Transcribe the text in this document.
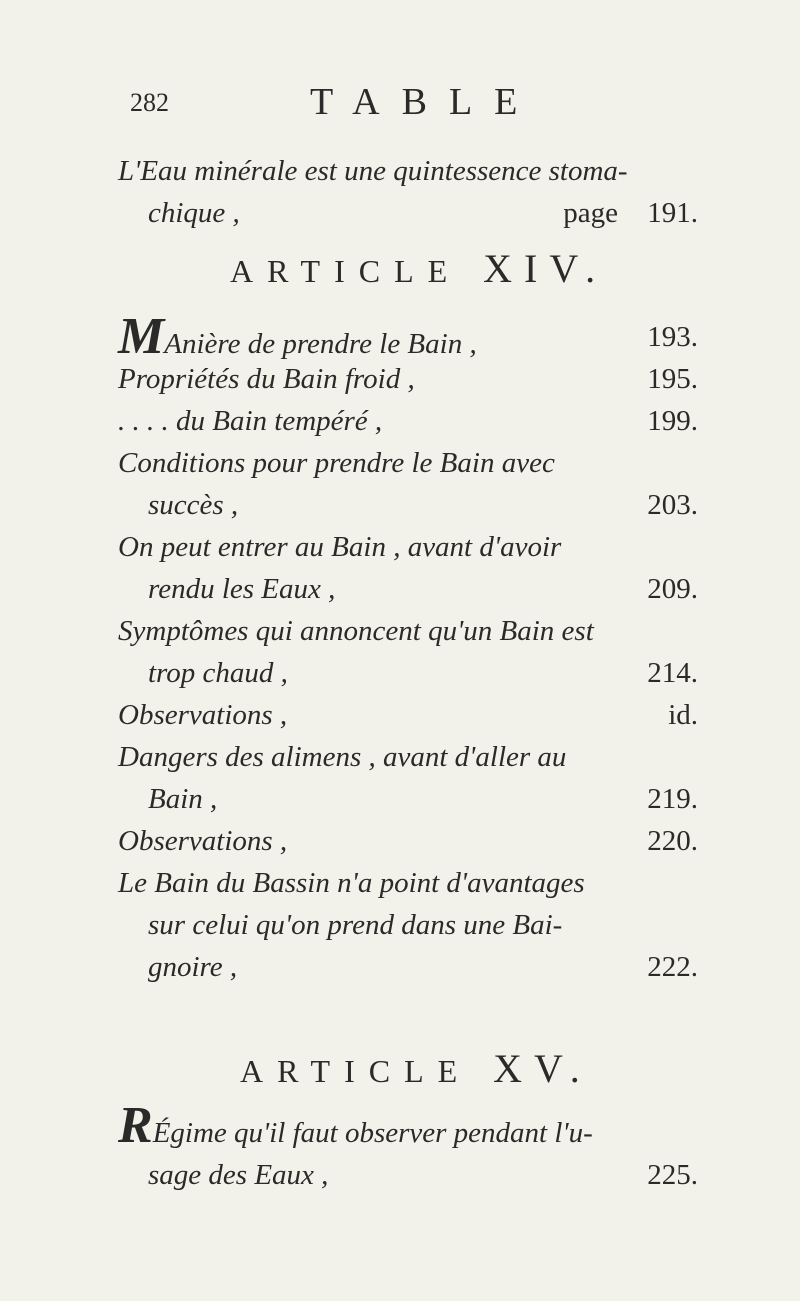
282	TABLE
L'Eau minérale est une quintessence stoma-
chique ,	page 191.
ARTICLE XIV.
MAnière de prendre le Bain ,	193.
Propriétés du Bain froid ,	195.
. . . . du Bain tempéré ,	199.
Conditions pour prendre le Bain avec
succès ,	203.
On peut entrer au Bain , avant d'avoir
rendu les Eaux ,	209.
Symptômes qui annoncent qu'un Bain est
trop chaud ,	214.
Observations ,	id.
Dangers des alimens , avant d'aller au
Bain ,	219.
Observations ,	220.
Le Bain du Bassin n'a point d'avantages
sur celui qu'on prend dans une Bai-
gnoire ,	222.
ARTICLE XV.
RÉgime qu'il faut observer pendant l'u-
sage des Eaux ,	225.
